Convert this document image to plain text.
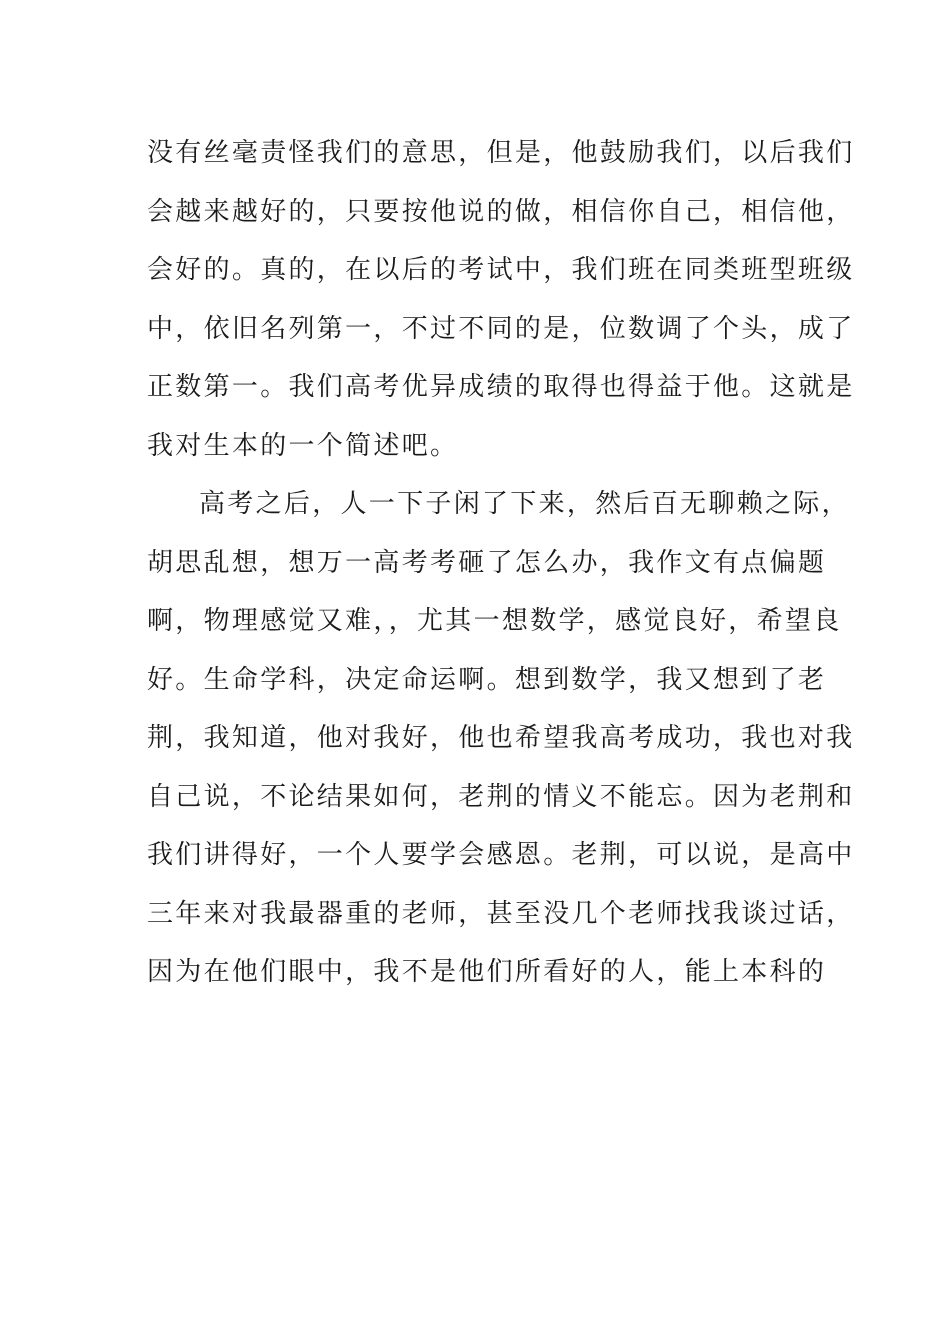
没有丝毫责怪我们的意思，但是，他鼓励我们，以后我们
会越来越好的，只要按他说的做，相信你自己，相信他，
会好的。真的，在以后的考试中，我们班在同类班型班级
中，依旧名列第一，不过不同的是，位数调了个头，成了
正数第一。我们高考优异成绩的取得也得益于他。这就是
我对生本的一个简述吧。
高考之后，人一下子闲了下来，然后百无聊赖之际，
胡思乱想，想万一高考考砸了怎么办，我作文有点偏题
啊，物理感觉又难，，尤其一想数学，感觉良好，希望良
好。生命学科，决定命运啊。想到数学，我又想到了老
荆，我知道，他对我好，他也希望我高考成功，我也对我
自己说，不论结果如何，老荆的情义不能忘。因为老荆和
我们讲得好，一个人要学会感恩。老荆，可以说，是高中
三年来对我最器重的老师，甚至没几个老师找我谈过话，
因为在他们眼中，我不是他们所看好的人，能上本科的
